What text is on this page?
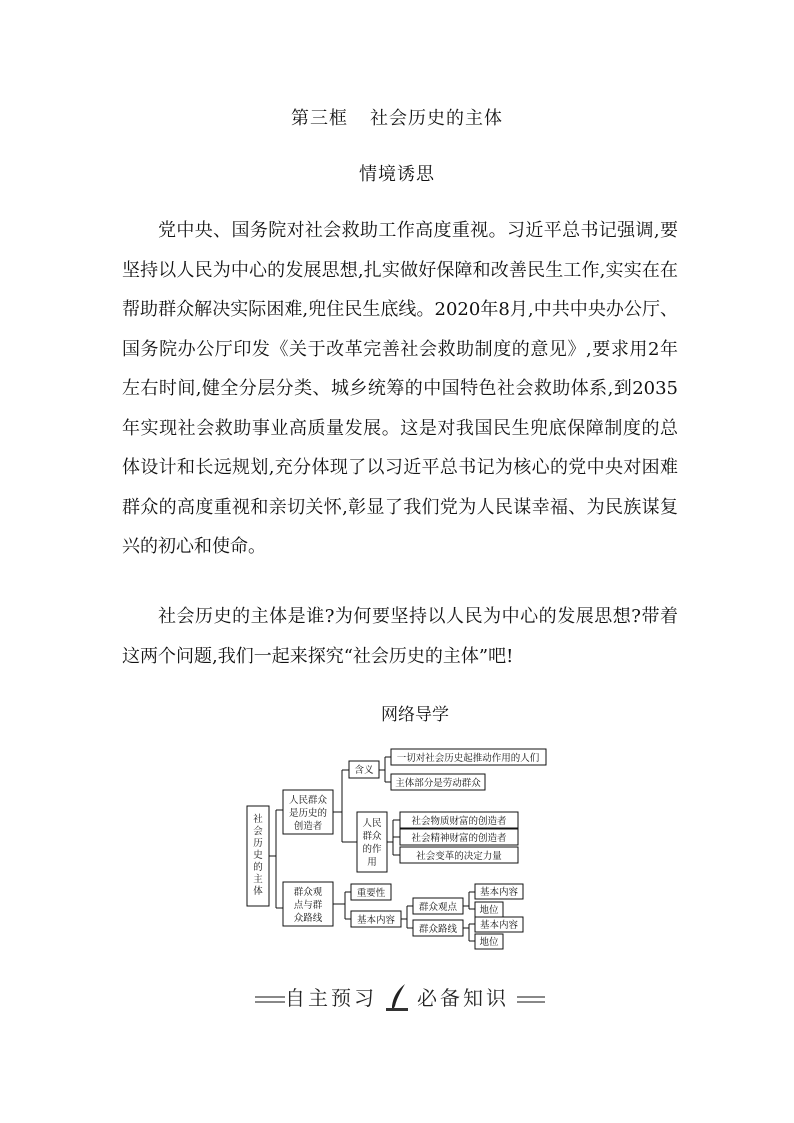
第三框 社会历史的主体
情境诱思

党中央、国务院对社会救助工作高度重视。习近平总书记强调,要坚持以人民为中心的发展思想,扎实做好保障和改善民生工作,实实在在帮助群众解决实际困难,兜住民生底线。2020年8月,中共中央办公厅、国务院办公厅印发《关于改革完善社会救助制度的意见》,要求用2年左右时间,健全分层分类、城乡统筹的中国特色社会救助体系,到2035年实现社会救助事业高质量发展。这是对我国民生兜底保障制度的总体设计和长远规划,充分体现了以习近平总书记为核心的党中央对困难群众的高度重视和亲切关怀,彰显了我们党为人民谋幸福、为民族谋复兴的初心和使命。

社会历史的主体是谁?为何要坚持以人民为中心的发展思想?带着这两个问题,我们一起来探究“社会历史的主体”吧!

网络导学
社
会
历
史
的
主
体
人民群众
是历史的
创造者
含义
一切对社会历史起推动作用的人们
主体部分是劳动群众
人民
群众
的作
用
社会物质财富的创造者
社会精神财富的创造者
社会变革的决定力量
群众观
点与群
众路线
重要性
基本内容
群众观点
基本内容
地位
群众路线 基本内容
地位
自主预习 必备知识
